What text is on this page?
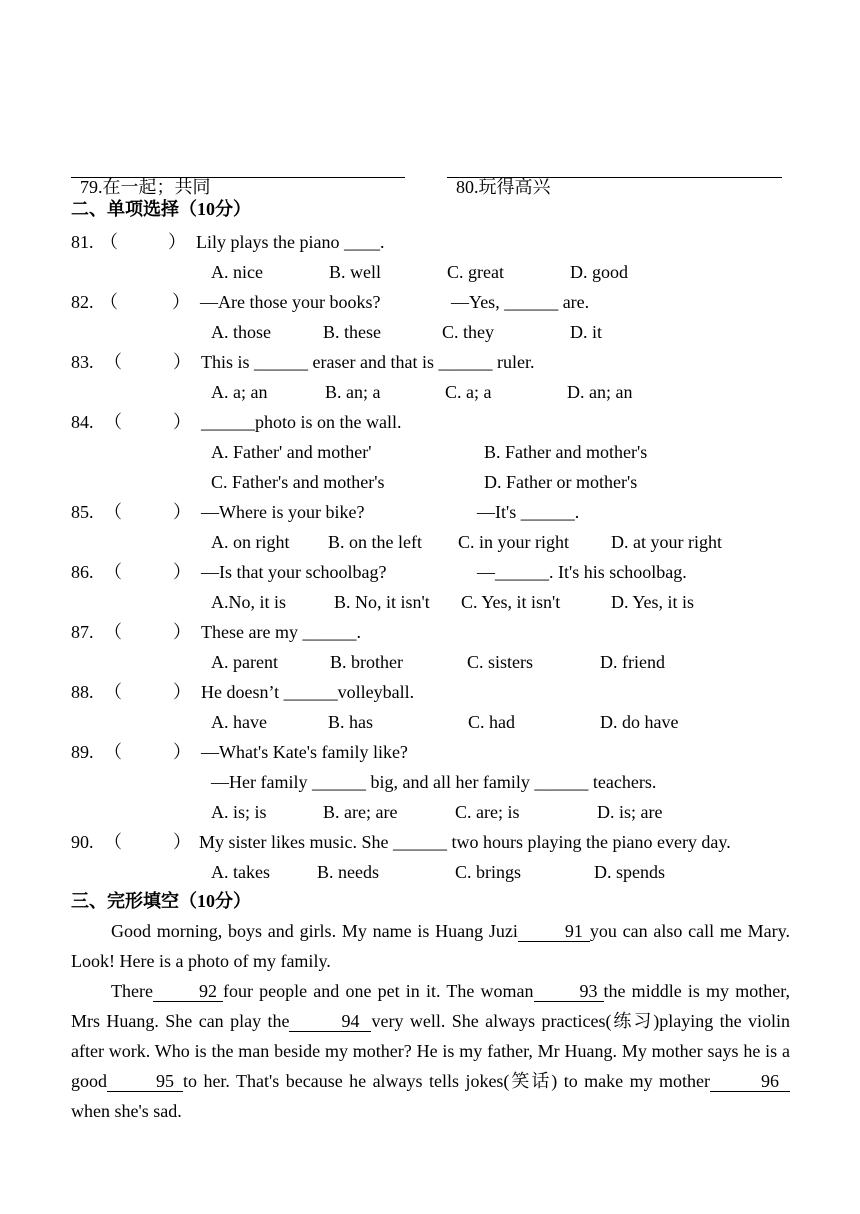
79.在一起；共同	80.玩得高兴

二、单项选择（10分）
81. （	） Lily plays the piano ____.
A. nice	B. well	C. great	D. good
82. （	） —Are those your books?	—Yes, ______ are.
A. those	B. these	C. they	D. it
83. （	） This is ______ eraser and that is ______ ruler.
A. a; an	B. an; a	C. a; a	D. an; an
84. （	） ______photo is on the wall.
A. Father' and mother'	B. Father and mother's
C. Father's and mother's	D. Father or mother's
85. （	） —Where is your bike?	—It's ______.
A. on right B. on the left C. in your right D. at your right
86. （	） —Is that your schoolbag?	—______. It's his schoolbag.
A.No, it is	B. No, it isn't C. Yes, it isn't	D. Yes, it is
87. （	） These are my ______.
A. parent	B. brother	C. sisters	D. friend
88. （	） He doesn’t ______volleyball.
A. have	B. has	C. had	D. do have
89. （	） —What's Kate's family like?
—Her family ______ big, and all her family ______ teachers.
A. is; is	B. are; are	C. are; is	D. is; are
90. （	） My sister likes music. She ______ two hours playing the piano every day.
A. takes	B. needs	C. brings	D. spends
三、完形填空（10分）
Good morning, boys and girls. My name is Huang Juzi	91 you can also call me Mary. Look! Here is a photo of my family.
There	92 four people and one pet in it. The woman	93 the middle is my mother, Mrs Huang. She can play the	94 very well. She always practices(练习)playing the violin after work. Who is the man beside my mother? He is my father, Mr Huang. My mother says he is a good	95 to her. That's because he always tells jokes(笑话) to make my mother	96when she's sad.
